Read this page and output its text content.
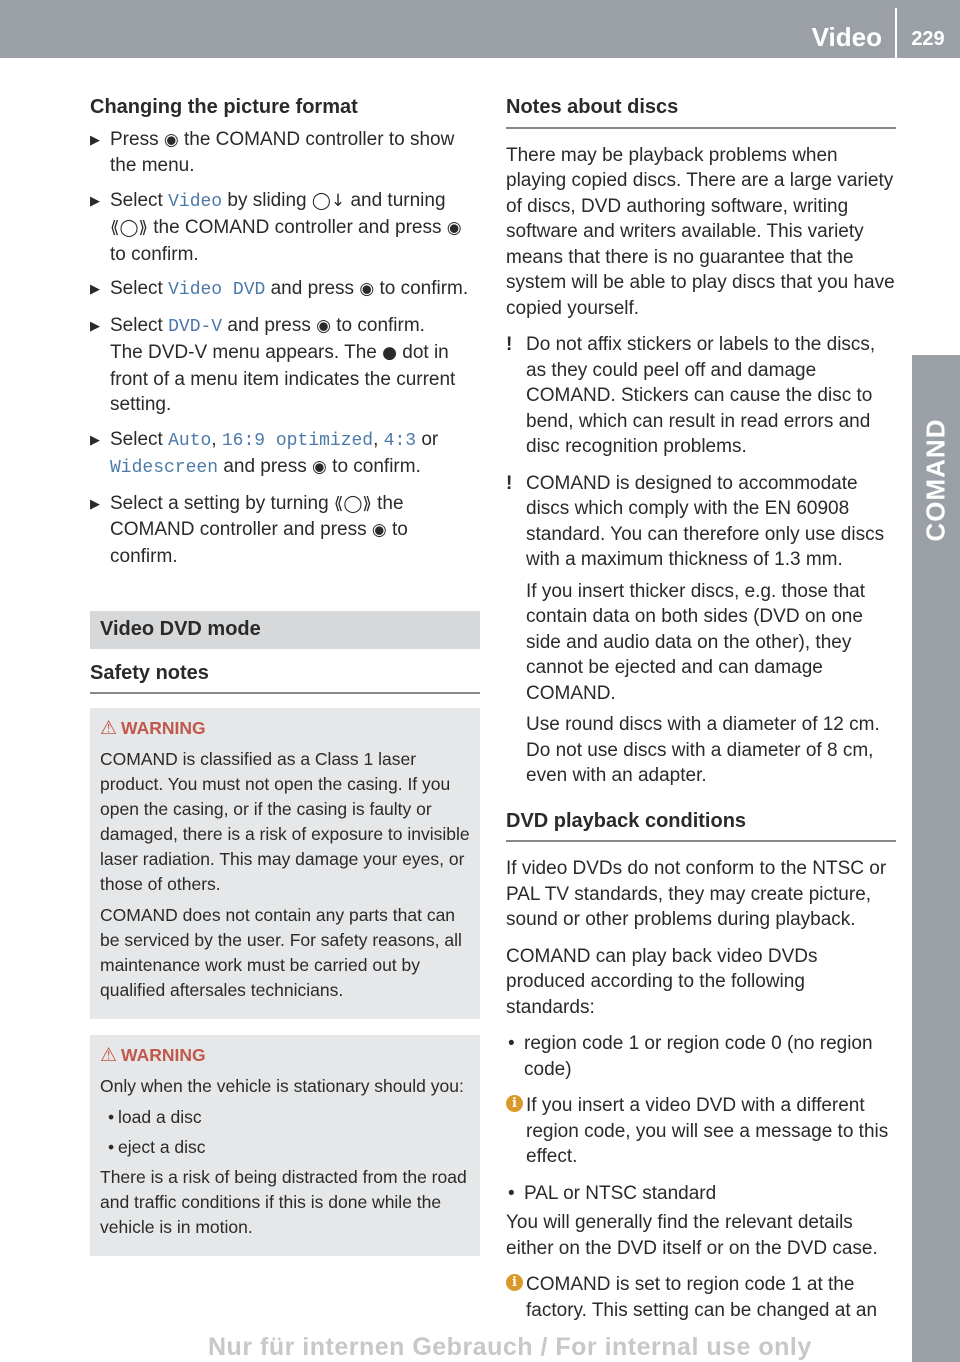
Video	229
COMAND
Changing the picture format
▶ Press ◉ the COMAND controller to show the menu.
▶ Select Video by sliding ◯↓ and turning ⟪◯⟫ the COMAND controller and press ◉ to confirm.
▶ Select Video DVD and press ◉ to confirm.
▶ Select DVD-V and press ◉ to confirm.
The DVD-V menu appears. The ● dot in front of a menu item indicates the current setting.
▶ Select Auto, 16:9 optimized, 4:3 or Widescreen and press ◉ to confirm.
▶ Select a setting by turning ⟪◯⟫ the COMAND controller and press ◉ to confirm.
Video DVD mode
Safety notes

⚠ WARNING

COMAND is classified as a Class 1 laser product. You must not open the casing. If you open the casing, or if the casing is faulty or damaged, there is a risk of exposure to invisible laser radiation. This may damage your eyes, or those of others.

COMAND does not contain any parts that can be serviced by the user. For safety reasons, all maintenance work must be carried out by qualified aftersales technicians.

⚠ WARNING

Only when the vehicle is stationary should you:

• load a disc
• eject a disc

There is a risk of being distracted from the road and traffic conditions if this is done while the vehicle is in motion.

Notes about discs

There may be playback problems when playing copied discs. There are a large variety of discs, DVD authoring software, writing software and writers available. This variety means that there is no guarantee that the system will be able to play discs that you have copied yourself.

! Do not affix stickers or labels to the discs, as they could peel off and damage COMAND. Stickers can cause the disc to bend, which can result in read errors and disc recognition problems.
! COMAND is designed to accommodate discs which comply with the EN 60908 standard. You can therefore only use discs with a maximum thickness of 1.3 mm.
If you insert thicker discs, e.g. those that contain data on both sides (DVD on one side and audio data on the other), they cannot be ejected and can damage COMAND.
Use round discs with a diameter of 12 cm. Do not use discs with a diameter of 8 cm, even with an adapter.
DVD playback conditions

If video DVDs do not conform to the NTSC or PAL TV standards, they may create picture, sound or other problems during playback.

COMAND can play back video DVDs produced according to the following standards:

• region code 1 or region code 0 (no region code)
i If you insert a video DVD with a different region code, you will see a message to this effect.
• PAL or NTSC standard

You will generally find the relevant details either on the DVD itself or on the DVD case.

i COMAND is set to region code 1 at the factory. This setting can be changed at an
Nur für internen Gebrauch / For internal use only
